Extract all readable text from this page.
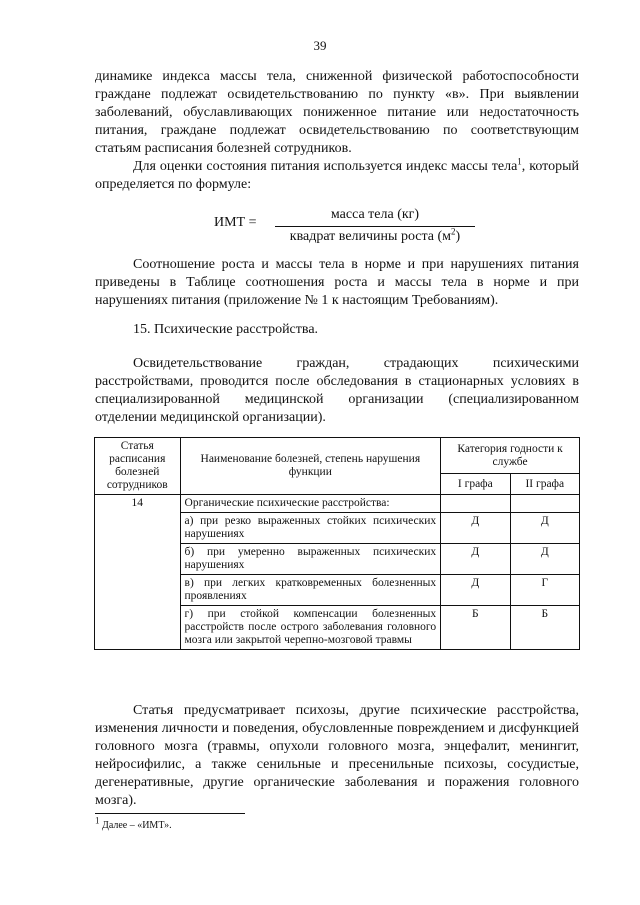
39

динамике индекса массы тела, сниженной физической работоспособности граждане подлежат освидетельствованию по пункту «в». При выявлении заболеваний, обуславливающих пониженное питание или недостаточность питания, граждане подлежат освидетельствованию по соответствующим статьям расписания болезней сотрудников.

Для оценки состояния питания используется индекс массы тела$^1$, который определяется по формуле:

ИМТ =
масса тела (кг)
квадрат величины роста $(м^2)$

Соотношение роста и массы тела в норме и при нарушениях питания приведены в Таблице соотношения роста и массы тела в норме и при нарушениях питания (приложение № 1 к настоящим Требованиям).

15. Психические расстройства.

Освидетельствование граждан, страдающих психическими расстройствами, проводится после обследования в стационарных условиях в специализированной медицинской организации (специализированном отделении медицинской организации).

Статья расписания болезней сотрудников	Наименование болезней, степень нарушения функции	Категория годности к службе	
		I графа	II графа
14	Органические психические расстройства:		
	а) при резко выраженных стойких психических нарушениях	Д	Д
	б) при умеренно выраженных психических нарушениях	Д	Д
	в) при легких кратковременных болезненных проявлениях	Д	Г
	г) при стойкой компенсации болезненных расстройств после острого заболевания головного мозга или закрытой черепно-мозговой травмы	Б	Б

Статья предусматривает психозы, другие психические расстройства, изменения личности и поведения, обусловленные повреждением и дисфункцией головного мозга (травмы, опухоли головного мозга, энцефалит, менингит, нейросифилис, а также сенильные и пресенильные психозы, сосудистые, дегенеративные, другие органические заболевания и поражения головного мозга).

$^1$ Далее – «ИМТ».
